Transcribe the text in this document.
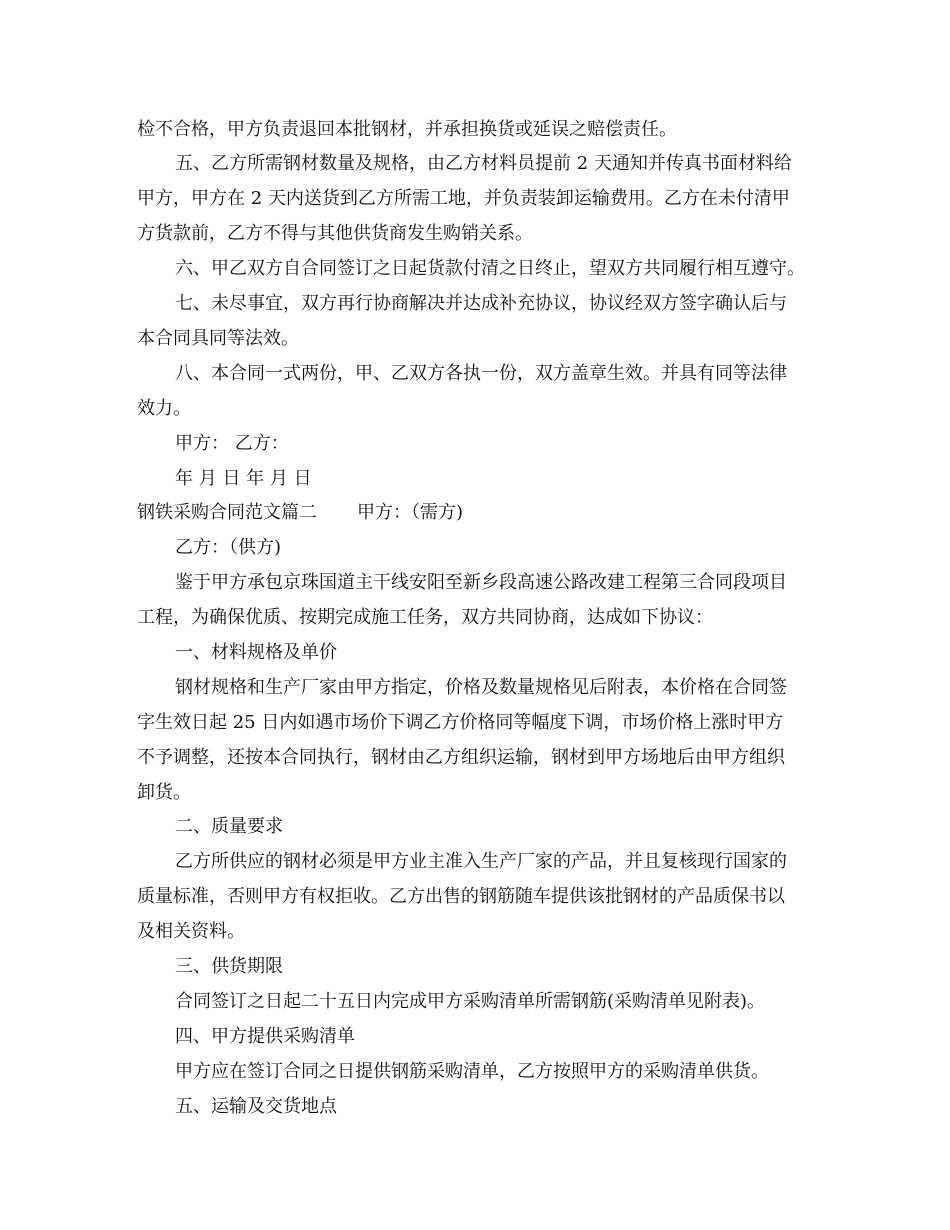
检不合格，甲方负责退回本批钢材，并承担换货或延误之赔偿责任。
五、乙方所需钢材数量及规格，由乙方材料员提前 2 天通知并传真书面材料给
甲方，甲方在 2 天内送货到乙方所需工地，并负责装卸运输费用。乙方在未付清甲
方货款前，乙方不得与其他供货商发生购销关系。
六、甲乙双方自合同签订之日起货款付清之日终止，望双方共同履行相互遵守。
七、未尽事宜，双方再行协商解决并达成补充协议，协议经双方签字确认后与
本合同具同等法效。
八、本合同一式两份，甲、乙双方各执一份，双方盖章生效。并具有同等法律
效力。
甲方： 乙方：
年 月 日 年 月 日
钢铁采购合同范文篇二 甲方：（需方)
乙方：（供方)
鉴于甲方承包京珠国道主干线安阳至新乡段高速公路改建工程第三合同段项目
工程，为确保优质、按期完成施工任务，双方共同协商，达成如下协议：
一、材料规格及单价
钢材规格和生产厂家由甲方指定，价格及数量规格见后附表，本价格在合同签
字生效日起 25 日内如遇市场价下调乙方价格同等幅度下调，市场价格上涨时甲方
不予调整，还按本合同执行，钢材由乙方组织运输，钢材到甲方场地后由甲方组织
卸货。
二、质量要求
乙方所供应的钢材必须是甲方业主准入生产厂家的产品，并且复核现行国家的
质量标准，否则甲方有权拒收。乙方出售的钢筋随车提供该批钢材的产品质保书以
及相关资料。
三、供货期限
合同签订之日起二十五日内完成甲方采购清单所需钢筋(采购清单见附表)。
四、甲方提供采购清单
甲方应在签订合同之日提供钢筋采购清单，乙方按照甲方的采购清单供货。
五、运输及交货地点
